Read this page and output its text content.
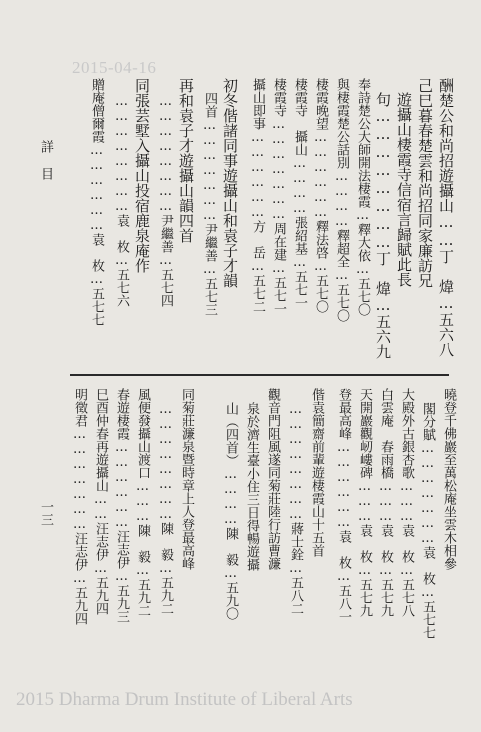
2015-04-16
詳目
一三
酬楚公和尚招遊攝山……丁　煒…五六八
己巳暮春楚雲和尚招同家廉訪兄
遊攝山棲霞寺信宿言歸賦此長
句……………………丁　煒…五六九
奉詩楚公大師開法棲霞…釋大依…五七〇
與棲霞楚公話別…………釋超全…五七〇
棲霞晚望………………釋法啓…五七〇
棲霞寺　攝山…………張紹基…五七一
棲霞寺…………………周在建…五七一
攝山即事………………方　岳…五七二
初冬偕諸同事遊攝山和袁子才韻
四首…………………尹繼善…五七三
再和袁子才遊攝山韻四首
……………………尹繼善…五七四
同張芸墅入攝山投宿鹿泉庵作
……………………袁　枚…五七六
贈庵僧爾霞………………袁　枚…五七七
曉登千佛巖至萬松庵坐雲木相參
閣分賦…………………袁　枚…五七七
大殿外古銀杏歌………袁　枚…五七八
白雲庵　春雨橋………袁　枚…五七九
天開巖觀屻嶁碑………袁　枚…五七九
登最高峰………………袁　枚…五八一
偕袁簡齋前輩遊棲霞山十五首
……………………蔣士銓…五八二
觀音門阻風遂同菊莊陸行訪曹濂
泉於濟生臺小住三日得暢遊攝
山（四首）…………陳　毅…五九〇
同菊莊濂泉暨時章上人登最高峰
……………………陳　毅…五九二
風便發攝山渡口………陳　毅…五九二
春遊棲霞………………汪志伊…五九三
巳酉仲春再遊攝山……汪志伊…五九四
明徵君…………………汪志伊…五九四
2015 Dharma Drum Institute of Liberal Arts
